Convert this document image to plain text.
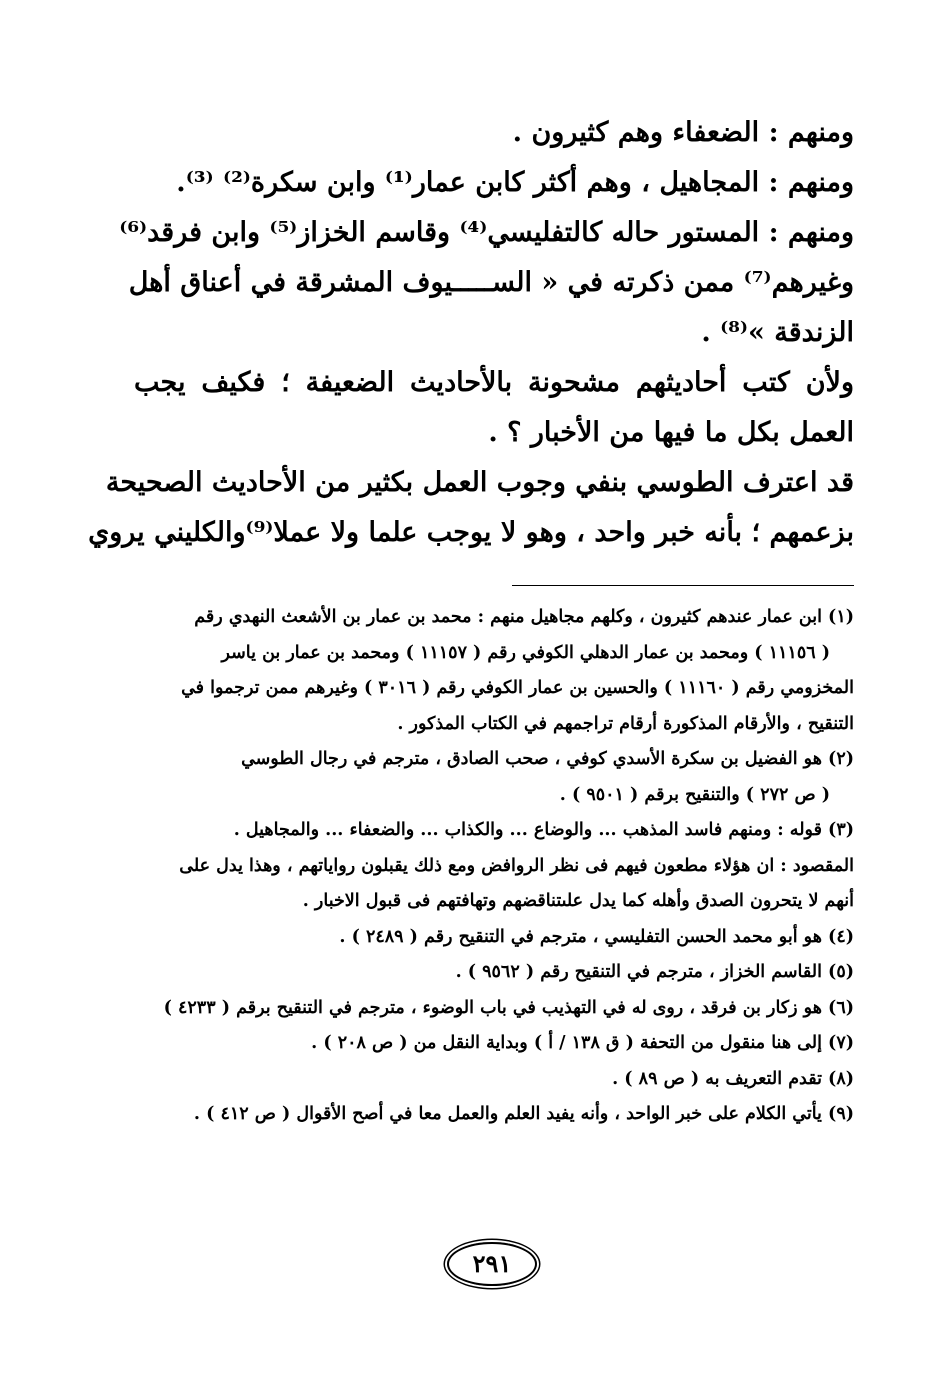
ومنهم : الضعفاء وهم كثيرون .
ومنهم : المجاهيل ، وهم أكثر كابن عمار⁽¹⁾ وابن سكرة⁽²⁾ ⁽³⁾.
ومنهم : المستور حاله كالتفليسي⁽⁴⁾ وقاسم الخزاز⁽⁵⁾ وابن فرقد⁽⁶⁾
وغيرهم⁽⁷⁾ ممن ذكرته في « الســـــيوف المشرقة في أعناق أهل
الزندقة »⁽⁸⁾ .
ولأن كتب أحاديثهم مشحونة بالأحاديث الضعيفة ؛ فكيف يجب
العمل بكل ما فيها من الأخبار ؟ .
قد اعترف الطوسي بنفي وجوب العمل بكثير من الأحاديث الصحيحة
بزعمهم ؛ بأنه خبر واحد ، وهو لا يوجب علما ولا عملا⁽⁹⁾والكليني يروي
(١) ابن عمار عندهم كثيرون ، وكلهم مجاهيل منهم : محمد بن عمار بن الأشعث النهدي رقم
( ١١١٥٦ ) ومحمد بن عمار الدهلي الكوفي رقم ( ١١١٥٧ ) ومحمد بن عمار بن ياسر
المخزومي رقم ( ١١١٦٠ ) والحسين بن عمار الكوفي رقم ( ٣٠١٦ ) وغيرهم ممن ترجموا في
التنقيح ، والأرقام المذكورة أرقام تراجمهم في الكتاب المذكور .
(٢) هو الفضيل بن سكرة الأسدي كوفي ، صحب الصادق ، مترجم في رجال الطوسي
( ص ٢٧٢ ) والتنقيح برقم ( ٩٥٠١ ) .
(٣) قوله : ومنهم فاسد المذهب ... والوضاع ... والكذاب ... والضعفاء ... والمجاهيل .
المقصود : ان هؤلاء مطعون فيهم فى نظر الروافض ومع ذلك يقبلون رواياتهم ، وهذا يدل على
أنهم لا يتحرون الصدق وأهله كما يدل علىتناقضهم وتهافتهم فى قبول الاخبار .
(٤) هو أبو محمد الحسن التفليسي ، مترجم في التنقيح رقم ( ٢٤٨٩ ) .
(٥) القاسم الخزاز ، مترجم في التنقيح رقم ( ٩٥٦٢ ) .
(٦) هو زكار بن فرقد ، روى له في التهذيب في باب الوضوء ، مترجم في التنقيح برقم ( ٤٢٣٣ )
(٧) إلى هنا منقول من التحفة ( ق ١٣٨ / أ ) وبداية النقل من ( ص ٢٠٨ ) .
(٨) تقدم التعريف به ( ص ٨٩ ) .
(٩) يأتي الكلام على خبر الواحد ، وأنه يفيد العلم والعمل معا في أصح الأقوال ( ص ٤١٢ ) .
٢٩١
